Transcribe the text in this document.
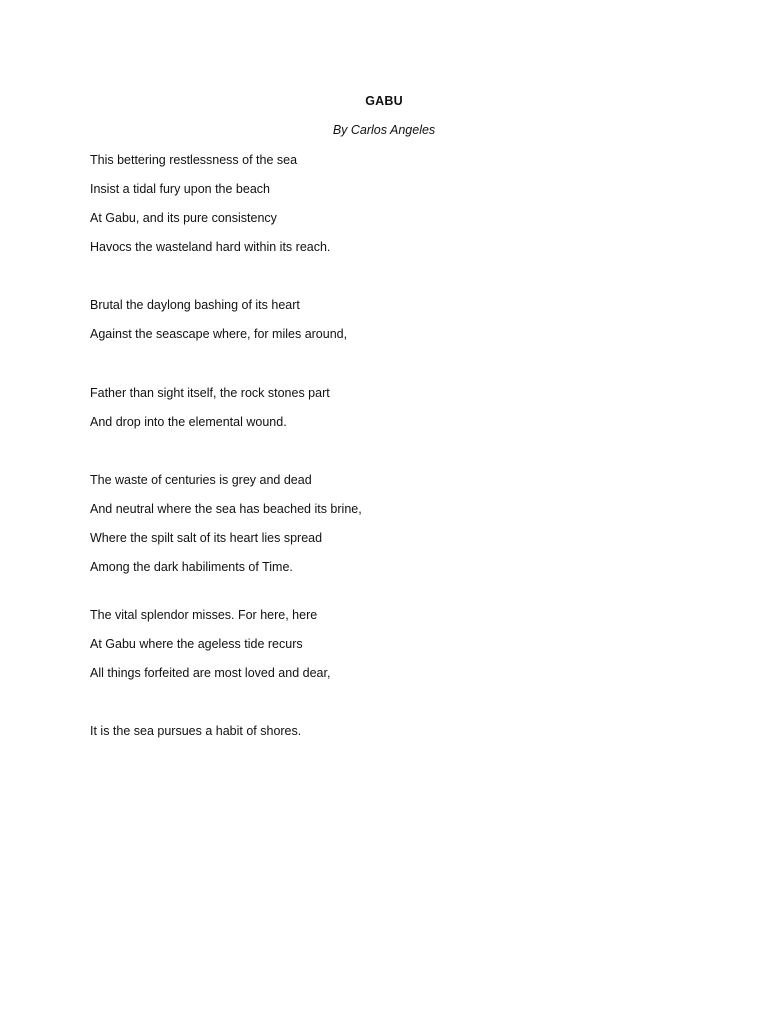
GABU
By Carlos Angeles
This bettering restlessness of the sea
Insist a tidal fury upon the beach
At Gabu, and its pure consistency
Havocs the wasteland hard within its reach.
Brutal the daylong bashing of its heart
Against the seascape where, for miles around,
Father than sight itself, the rock stones part
And drop into the elemental wound.
The waste of centuries is grey and dead
And neutral where the sea has beached its brine,
Where the spilt salt of its heart lies spread
Among the dark habiliments of Time.
The vital splendor misses. For here, here
At Gabu where the ageless tide recurs
All things forfeited are most loved and dear,
It is the sea pursues a habit of shores.
